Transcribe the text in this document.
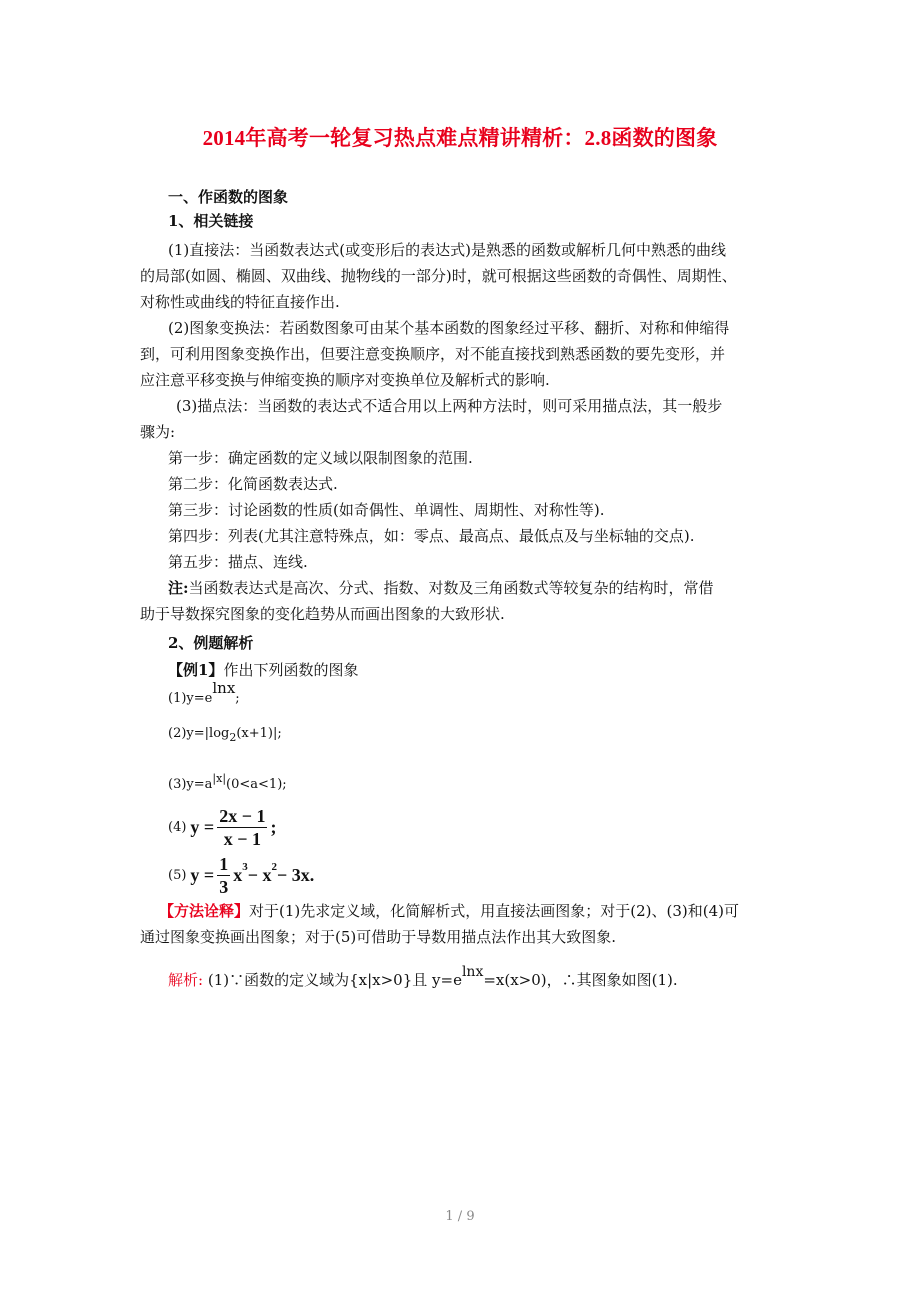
2014年高考一轮复习热点难点精讲精析：2.8函数的图象
一、作函数的图象
1、相关链接
(1)直接法：当函数表达式(或变形后的表达式)是熟悉的函数或解析几何中熟悉的曲线
的局部(如圆、椭圆、双曲线、抛物线的一部分)时，就可根据这些函数的奇偶性、周期性、
对称性或曲线的特征直接作出.
(2)图象变换法：若函数图象可由某个基本函数的图象经过平移、翻折、对称和伸缩得
到，可利用图象变换作出，但要注意变换顺序，对不能直接找到熟悉函数的要先变形，并
应注意平移变换与伸缩变换的顺序对变换单位及解析式的影响.
(3)描点法：当函数的表达式不适合用以上两种方法时，则可采用描点法，其一般步
骤为:
第一步：确定函数的定义域以限制图象的范围.
第二步：化简函数表达式.
第三步：讨论函数的性质(如奇偶性、单调性、周期性、对称性等).
第四步：列表(尤其注意特殊点，如：零点、最高点、最低点及与坐标轴的交点).
第五步：描点、连线.
注:当函数表达式是高次、分式、指数、对数及三角函数式等较复杂的结构时，常借
助于导数探究图象的变化趋势从而画出图象的大致形状.
2、例题解析
【例1】作出下列函数的图象
(1)y=elnx;
$(2)y=|\log_2(x+1)|$;
$(3)y=a^{|x|}(0<a<1)$;
(4) $y = \frac{2x - 1}{x - 1}$ ;
(5) $y = \frac{1}{3}$ x 3 − x 2 − 3x.
【方法诠释】对于(1)先求定义域，化简解析式，用直接法画图象；对于(2)、(3)和(4)可
通过图象变换画出图象；对于(5)可借助于导数用描点法作出其大致图象.
解析: (1)∵函数的定义域为{x|x>0}且 y=elnx=x(x>0)，∴其图象如图(1).
1 / 9
